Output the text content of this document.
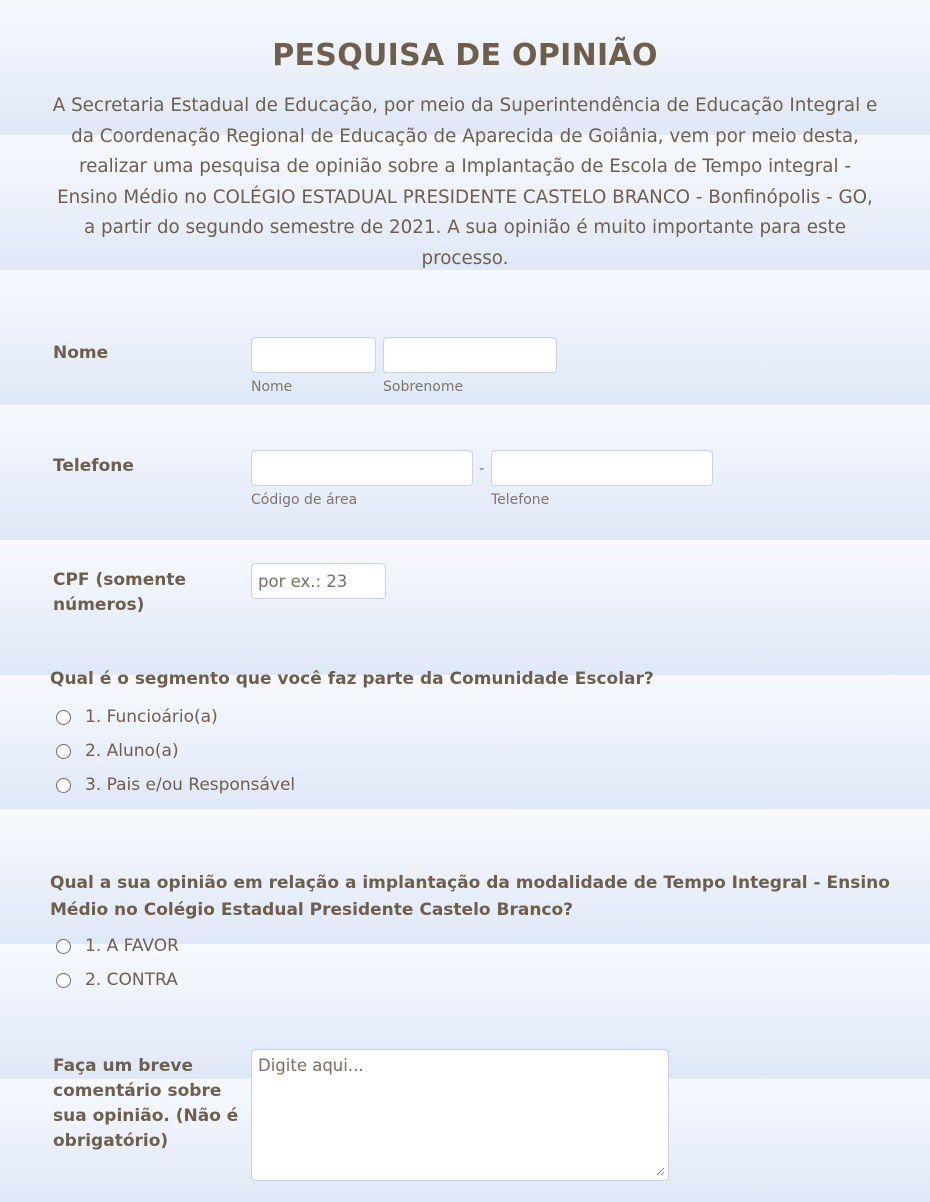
PESQUISA DE OPINIÃO
A Secretaria Estadual de Educação, por meio da Superintendência de Educação Integral e da Coordenação Regional de Educação de Aparecida de Goiânia, vem por meio desta, realizar uma pesquisa de opinião sobre a Implantação de Escola de Tempo integral - Ensino Médio no COLÉGIO ESTADUAL PRESIDENTE CASTELO BRANCO - Bonfinópolis - GO, a partir do segundo semestre de 2021. A sua opinião é muito importante para este processo.
Nome
Nome	Sobrenome
Telefone	-
Código de área	Telefone
CPF (somente números)
por ex.: 23
Qual é o segmento que você faz parte da Comunidade Escolar?
1. Funcioário(a)
2. Aluno(a)
3. Pais e/ou Responsável
Qual a sua opinião em relação a implantação da modalidade de Tempo Integral - Ensino Médio no Colégio Estadual Presidente Castelo Branco?
1. A FAVOR
2. CONTRA
Faça um breve comentário sobre sua opinião. (Não é obrigatório)
Digite aqui...
